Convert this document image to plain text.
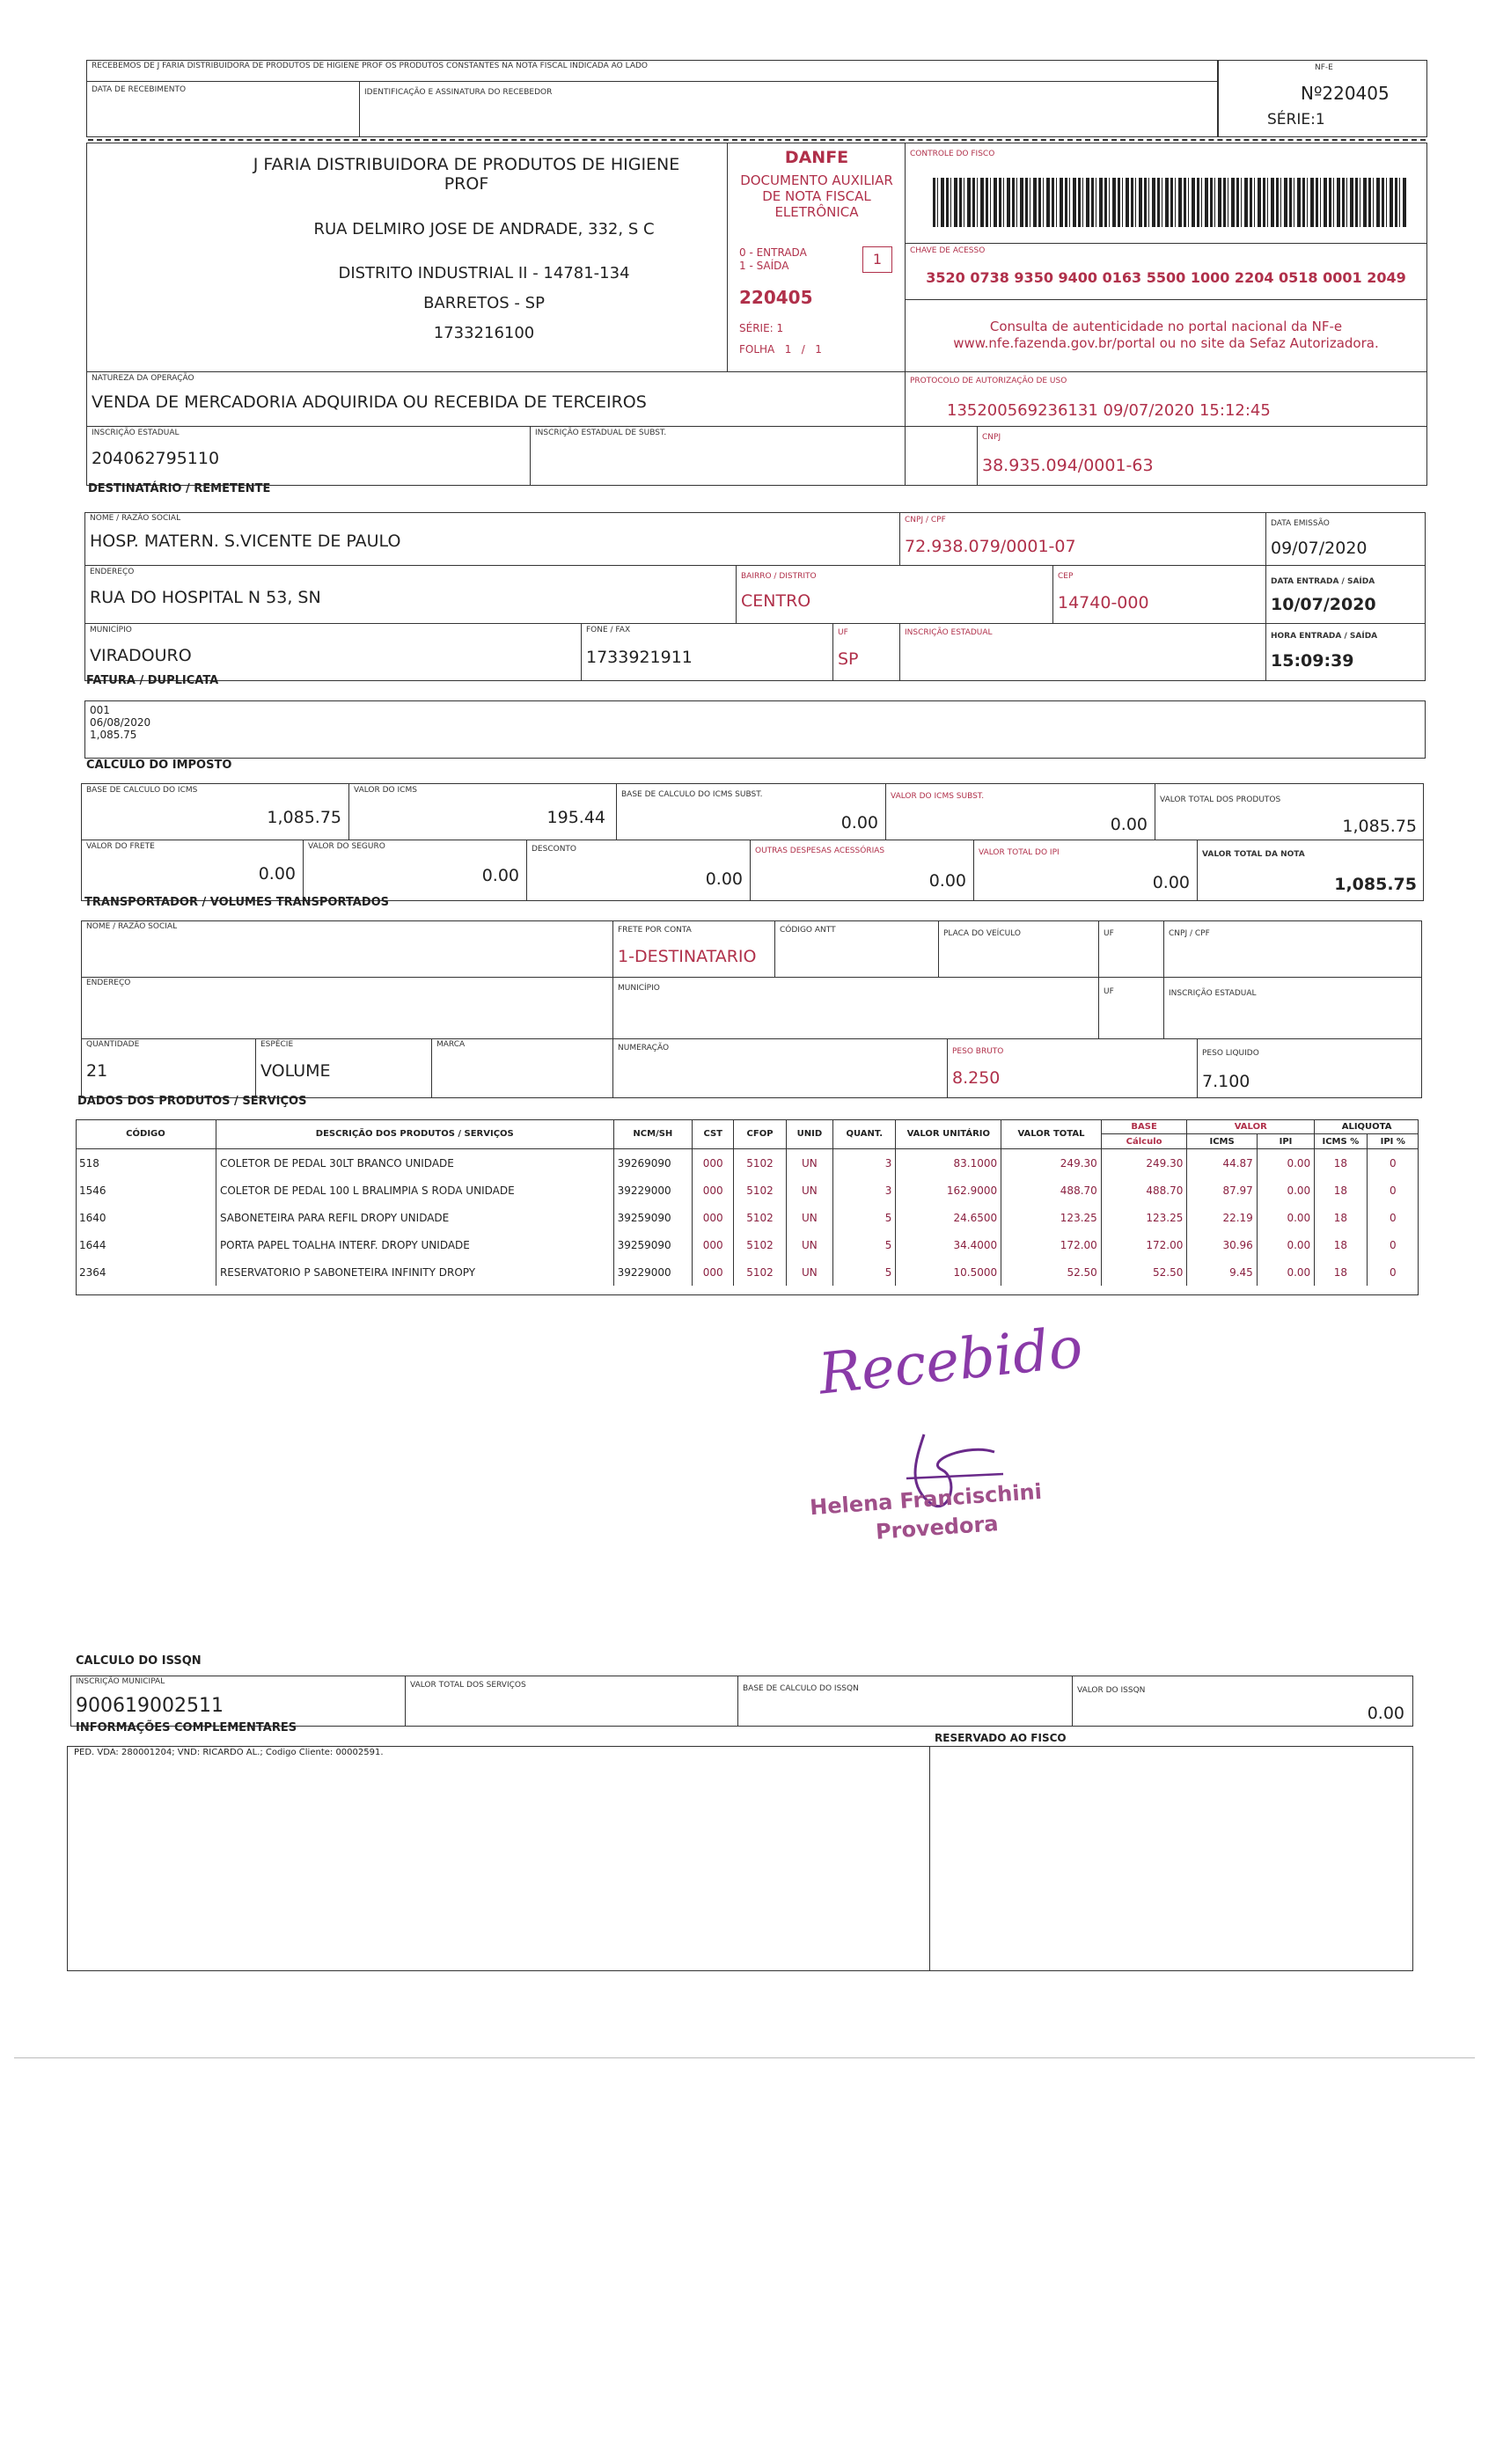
RECEBEMOS DE J FARIA DISTRIBUIDORA DE PRODUTOS DE HIGIENE PROF OS PRODUTOS CONSTANTES NA NOTA FISCAL INDICADA AO LADO
DATA DE RECEBIMENTO	IDENTIFICAÇÃO E ASSINATURA DO RECEBEDOR
NF-E
Nº220405
SÉRIE:1
J FARIA DISTRIBUIDORA DE PRODUTOS DE HIGIENE
PROF
RUA DELMIRO JOSE DE ANDRADE, 332, S C
DISTRITO INDUSTRIAL II - 14781-134
BARRETOS - SP
1733216100
DANFE
DOCUMENTO AUXILIAR
DE NOTA FISCAL
ELETRÔNICA
0 - ENTRADA
1 - SAÍDA	1
220405
SÉRIE: 1
FOLHA   1   /   1
CONTROLE DO FISCO
CHAVE DE ACESSO
3520 0738 9350 9400 0163 5500 1000 2204 0518 0001 2049
Consulta de autenticidade no portal nacional da NF-e
www.nfe.fazenda.gov.br/portal ou no site da Sefaz Autorizadora.
NATUREZA DA OPERAÇÃO
VENDA DE MERCADORIA ADQUIRIDA OU RECEBIDA DE TERCEIROS
PROTOCOLO DE AUTORIZAÇÃO DE USO
135200569236131 09/07/2020 15:12:45
INSCRIÇÃO ESTADUAL
204062795110
INSCRIÇÃO ESTADUAL DE SUBST.	CNPJ
38.935.094/0001-63
DESTINATÁRIO / REMETENTE
NOME / RAZÃO SOCIAL
HOSP. MATERN. S.VICENTE DE PAULO
CNPJ / CPF
72.938.079/0001-07
DATA EMISSÃO
09/07/2020
ENDEREÇO
RUA DO HOSPITAL N 53, SN
BAIRRO / DISTRITO
CENTRO
CEP
14740-000
DATA ENTRADA / SAÍDA
10/07/2020
MUNICÍPIO
VIRADOURO
FONE / FAX
1733921911
UF
SP
INSCRIÇÃO ESTADUAL	HORA ENTRADA / SAÍDA
15:09:39
FATURA / DUPLICATA
001
06/08/2020
1,085.75
CALCULO DO IMPOSTO
BASE DE CALCULO DO ICMS
1,085.75
VALOR DO ICMS
195.44
BASE DE CALCULO DO ICMS SUBST.
0.00
VALOR DO ICMS SUBST.
0.00
VALOR TOTAL DOS PRODUTOS
1,085.75
VALOR DO FRETE
0.00
VALOR DO SEGURO
0.00
DESCONTO
0.00
OUTRAS DESPESAS ACESSÓRIAS
0.00
VALOR TOTAL DO IPI
0.00
VALOR TOTAL DA NOTA
1,085.75
TRANSPORTADOR / VOLUMES TRANSPORTADOS
NOME / RAZÃO SOCIAL	FRETE POR CONTA
1-DESTINATARIO
CÓDIGO ANTT	PLACA DO VEÍCULO	UF	CNPJ / CPF
ENDEREÇO
MUNICÍPIO	UF	INSCRIÇÃO ESTADUAL
QUANTIDADE
21
ESPÉCIE
VOLUME
MARCA	NUMERAÇÃO	PESO BRUTO
8.250
PESO LIQUIDO
7.100
DADOS DOS PRODUTOS / SERVIÇOS
CÓDIGO	DESCRIÇÃO DOS PRODUTOS / SERVIÇOS	NCM/SH	CST	CFOP	UNID	QUANT.	VALOR UNITÁRIO	VALOR TOTAL	BASE	VALOR		ALIQUOTA	
									Cálculo	ICMS	IPI	ICMS %	IPI %
518	COLETOR DE PEDAL 30LT BRANCO UNIDADE	39269090	000	5102	UN	3	83.1000	249.30	249.30	44.87	0.00	18	0
1546	COLETOR DE PEDAL 100 L BRALIMPIA S RODA UNIDADE	39229000	000	5102	UN	3	162.9000	488.70	488.70	87.97	0.00	18	0
1640	SABONETEIRA PARA REFIL DROPY UNIDADE	39259090	000	5102	UN	5	24.6500	123.25	123.25	22.19	0.00	18	0
1644	PORTA PAPEL TOALHA INTERF. DROPY UNIDADE	39259090	000	5102	UN	5	34.4000	172.00	172.00	30.96	0.00	18	0
2364	RESERVATORIO P SABONETEIRA INFINITY DROPY	39229000	000	5102	UN	5	10.5000	52.50	52.50	9.45	0.00	18	0
Recebido
Helena Francischini
Provedora
CALCULO DO ISSQN
INSCRIÇÃO MUNICIPAL
900619002511
VALOR TOTAL DOS SERVIÇOS	BASE DE CALCULO DO ISSQN	VALOR DO ISSQN
0.00
INFORMAÇÕES COMPLEMENTARES
RESERVADO AO FISCO
PED. VDA: 280001204; VND: RICARDO AL.; Codigo Cliente: 00002591.
